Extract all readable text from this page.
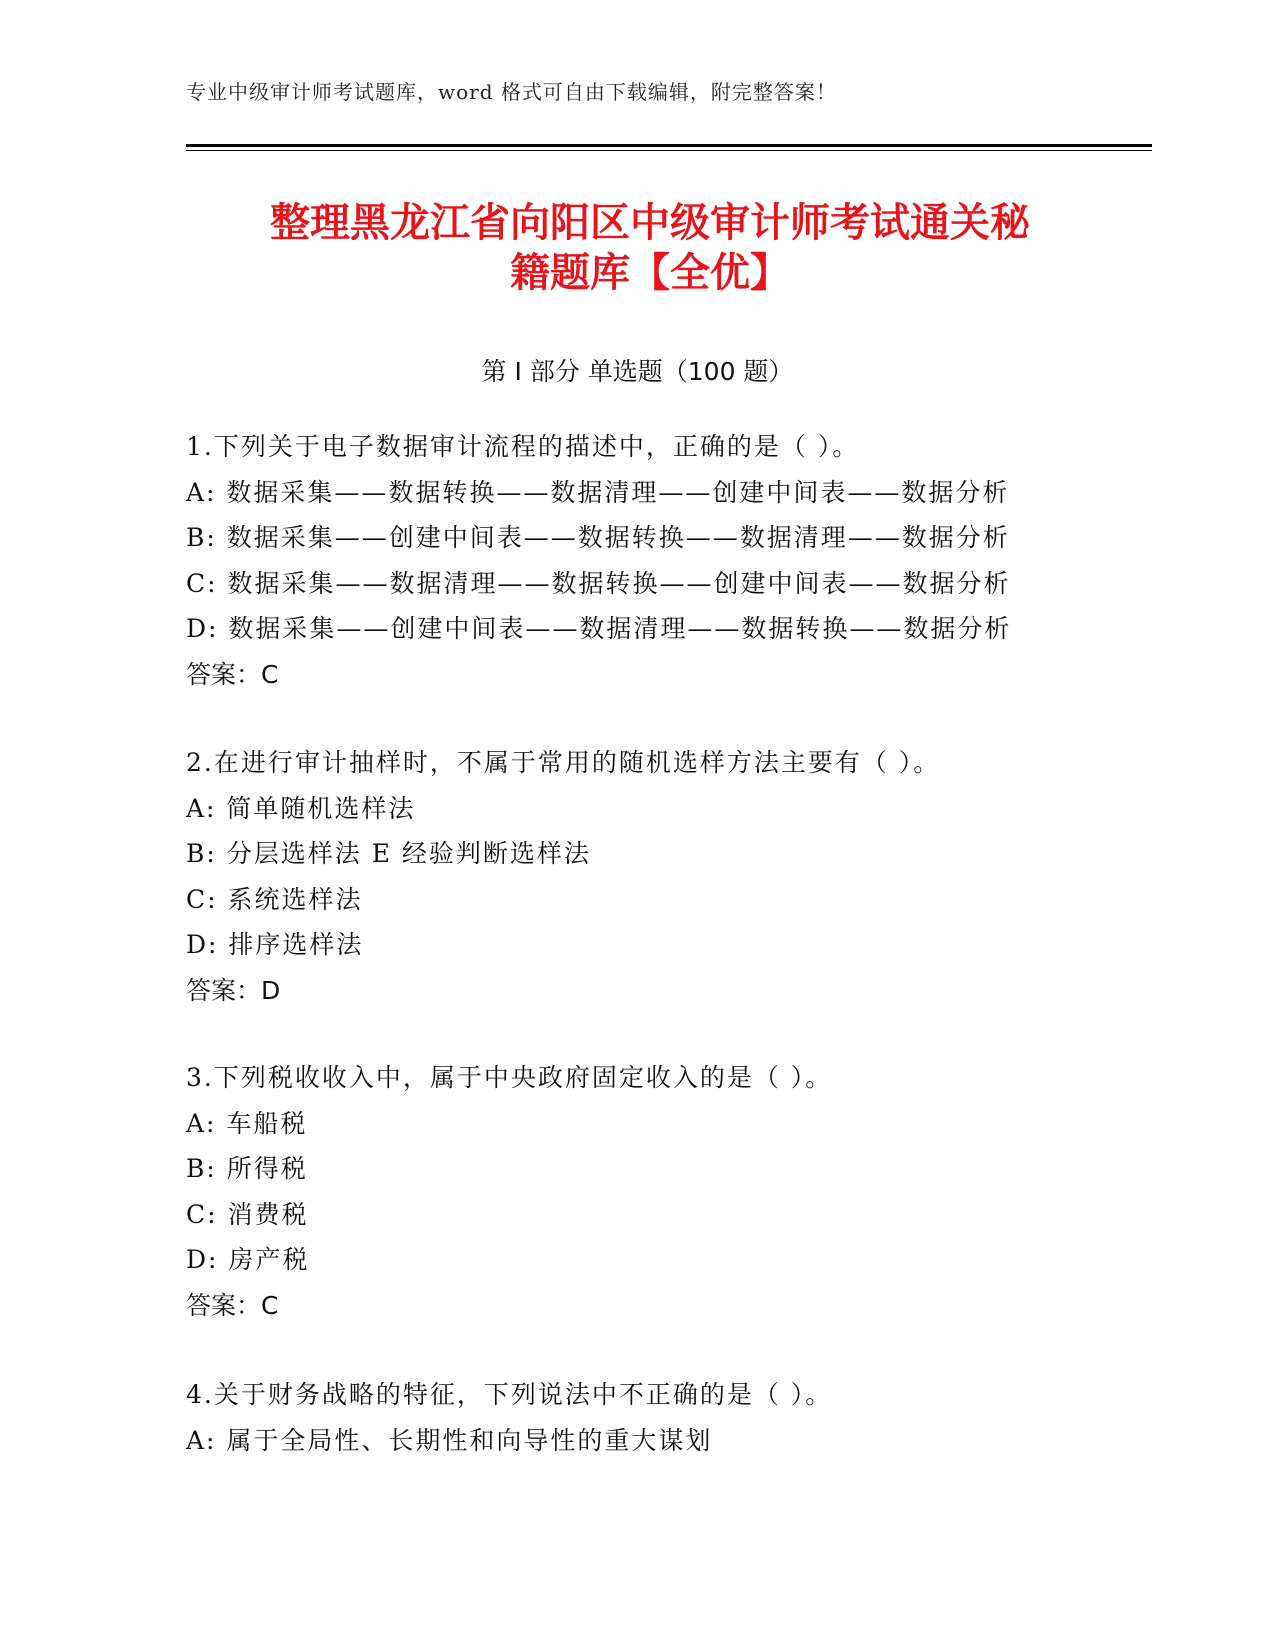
专业中级审计师考试题库，word 格式可自由下载编辑，附完整答案！
整理黑龙江省向阳区中级审计师考试通关秘
籍题库【全优】
第 I 部分 单选题（100 题）
1.下列关于电子数据审计流程的描述中，正确的是（ ）。
A: 数据采集——数据转换——数据清理——创建中间表——数据分析
B: 数据采集——创建中间表——数据转换——数据清理——数据分析
C: 数据采集——数据清理——数据转换——创建中间表——数据分析
D: 数据采集——创建中间表——数据清理——数据转换——数据分析
答案：C
2.在进行审计抽样时，不属于常用的随机选样方法主要有（ ）。
A: 简单随机选样法
B: 分层选样法 E 经验判断选样法
C: 系统选样法
D: 排序选样法
答案：D
3.下列税收收入中，属于中央政府固定收入的是（ ）。
A: 车船税
B: 所得税
C: 消费税
D: 房产税
答案：C
4.关于财务战略的特征，下列说法中不正确的是（ ）。
A: 属于全局性、长期性和向导性的重大谋划
